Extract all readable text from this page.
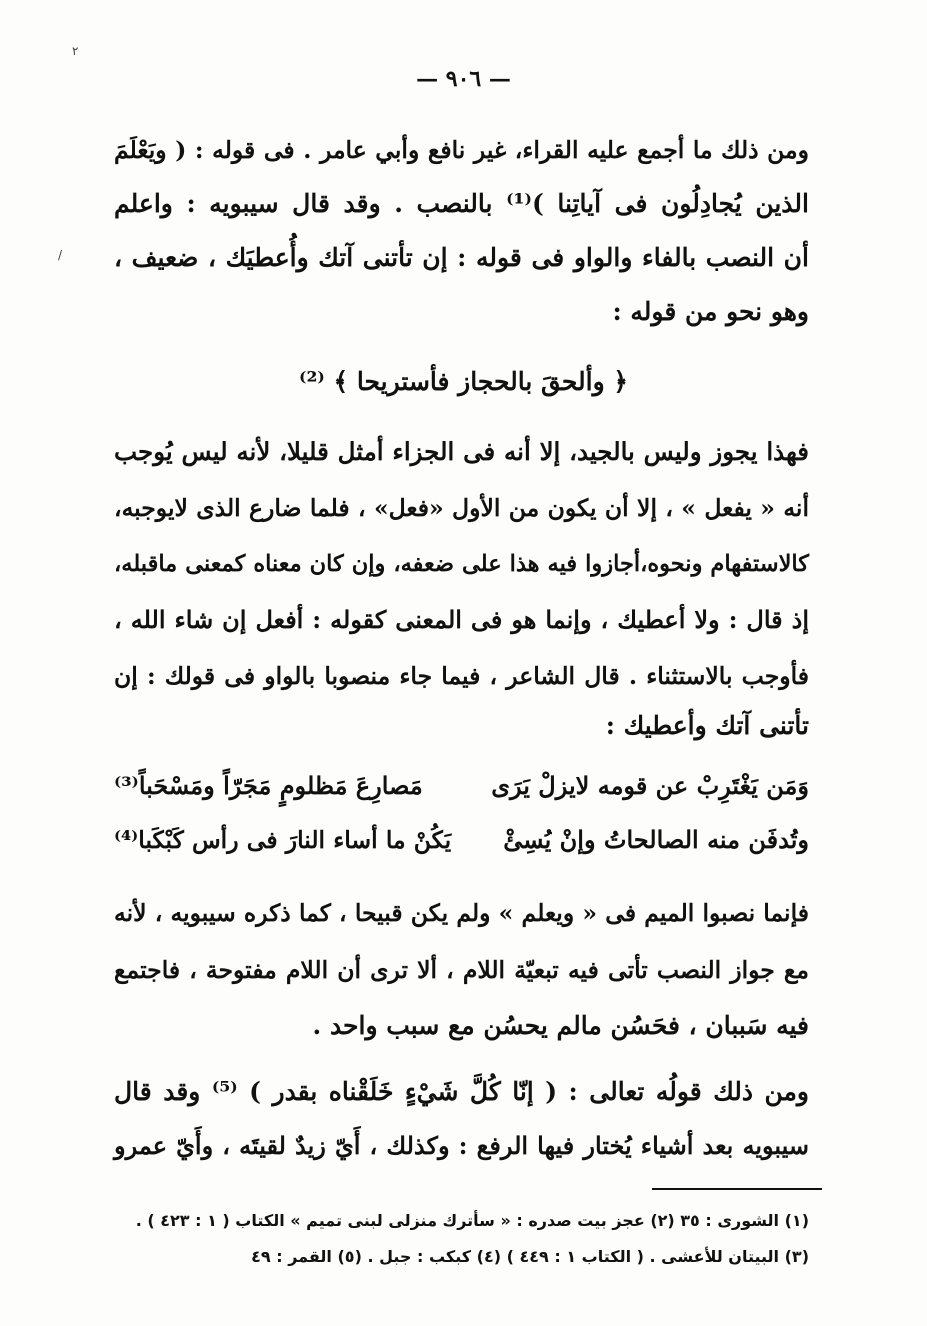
٢
/
— ٩٠٦ —
ومن ذلك ما أجمع عليه القراء، غير نافع وأبي عامر . فى قوله : ( ويَعْلَمَ
الذين يُجادِلُون فى آياتِنا )⁽¹⁾ بالنصب . وقد قال سيبويه : واعلم
أن النصب بالفاء والواو فى قوله : إن تأتنى آتك وأُعطيَك ، ضعيف ،
وهو نحو من قوله :
﴿ وألحقَ بالحجاز فأستريحا ﴾ ⁽²⁾
فهذا يجوز وليس بالجيد، إلا أنه فى الجزاء أمثل قليلا، لأنه ليس يُوجب
أنه « يفعل » ، إلا أن يكون من الأول «فعل» ، فلما ضارع الذى لايوجبه،
كالاستفهام ونحوه،أجازوا فيه هذا على ضعفه، وإن كان معناه كمعنى ماقبله،
إذ قال : ولا أعطيك ، وإنما هو فى المعنى كقوله : أفعل إن شاء الله ،
فأوجب بالاستثناء . قال الشاعر ، فيما جاء منصوبا بالواو فى قولك : إن
تأتنى آتك وأعطيك :
وَمَن يَغْتَرِبْ عن قومه لايزلْ يَرَى
مَصارِعَ مَظلومٍ مَجَرّاً ومَسْحَباً⁽³⁾
وتُدفَن منه الصالحاتُ وإنْ يُسِئْ
يَكُنْ ما أساء النارَ فى رأس كَبْكَبا⁽⁴⁾
فإنما نصبوا الميم فى « ويعلم » ولم يكن قبيحا ، كما ذكره سيبويه ، لأنه
مع جواز النصب تأتى فيه تبعيّة اللام ، ألا ترى أن اللام مفتوحة ، فاجتمع
فيه سَببان ، فحَسُن مالم يحسُن مع سبب واحد .
ومن ذلك قولُه تعالى : ( إنّا كُلَّ شَيْءٍ خَلَقْناه بقدر ) ⁽⁵⁾ وقد قال
سيبويه بعد أشياء يُختار فيها الرفع : وكذلك ، أَيّ زيدٌ لقيتَه ، وأَيّ عمرو
(١) الشورى : ٣٥ (٢) عجز بيت صدره : « سأترك منزلى لبنى تميم » الكتاب ( ١ : ٤٢٣ ) .
(٣) البيتان للأعشى . ( الكتاب ١ : ٤٤٩ ) (٤) كبكب : جبل . (٥) القمر : ٤٩
